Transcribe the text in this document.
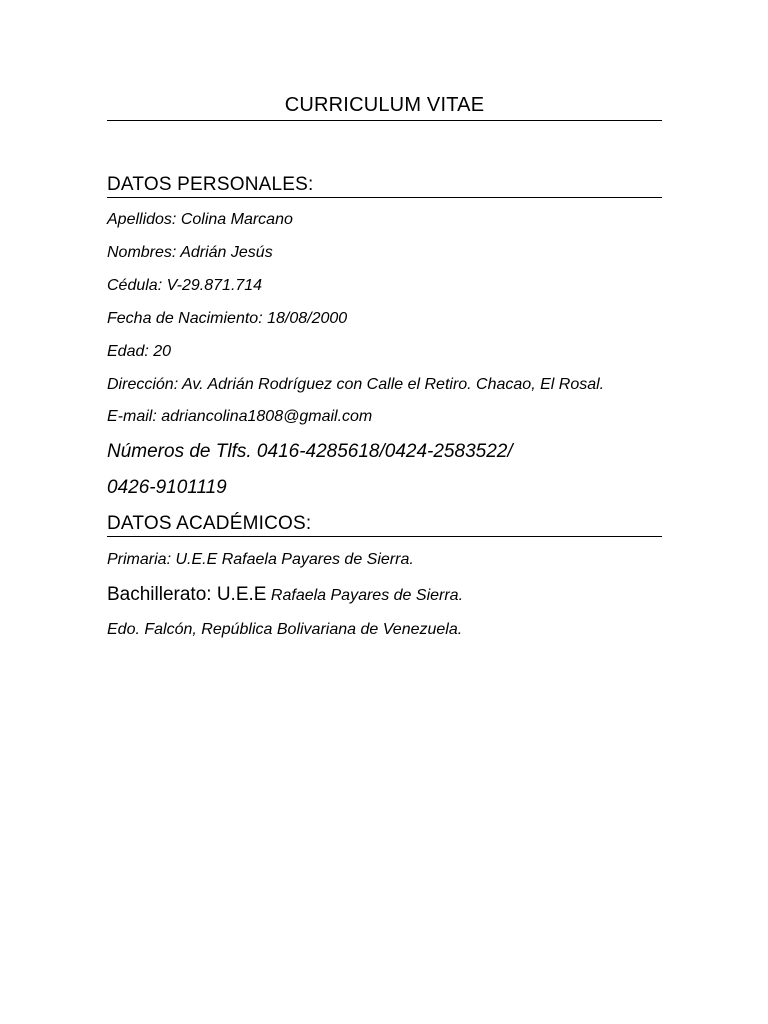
CURRICULUM VITAE
DATOS PERSONALES:
Apellidos: Colina Marcano
Nombres: Adrián Jesús
Cédula: V-29.871.714
Fecha de Nacimiento: 18/08/2000
Edad: 20
Dirección: Av. Adrián Rodríguez con Calle el Retiro. Chacao, El Rosal.
E-mail: adriancolina1808@gmail.com
Números de Tlfs. 0416-4285618/0424-2583522/
0426-9101119
DATOS ACADÉMICOS:
Primaria: U.E.E Rafaela Payares de Sierra.
Bachillerato: U.E.E Rafaela Payares de Sierra.
Edo. Falcón, República Bolivariana de Venezuela.
